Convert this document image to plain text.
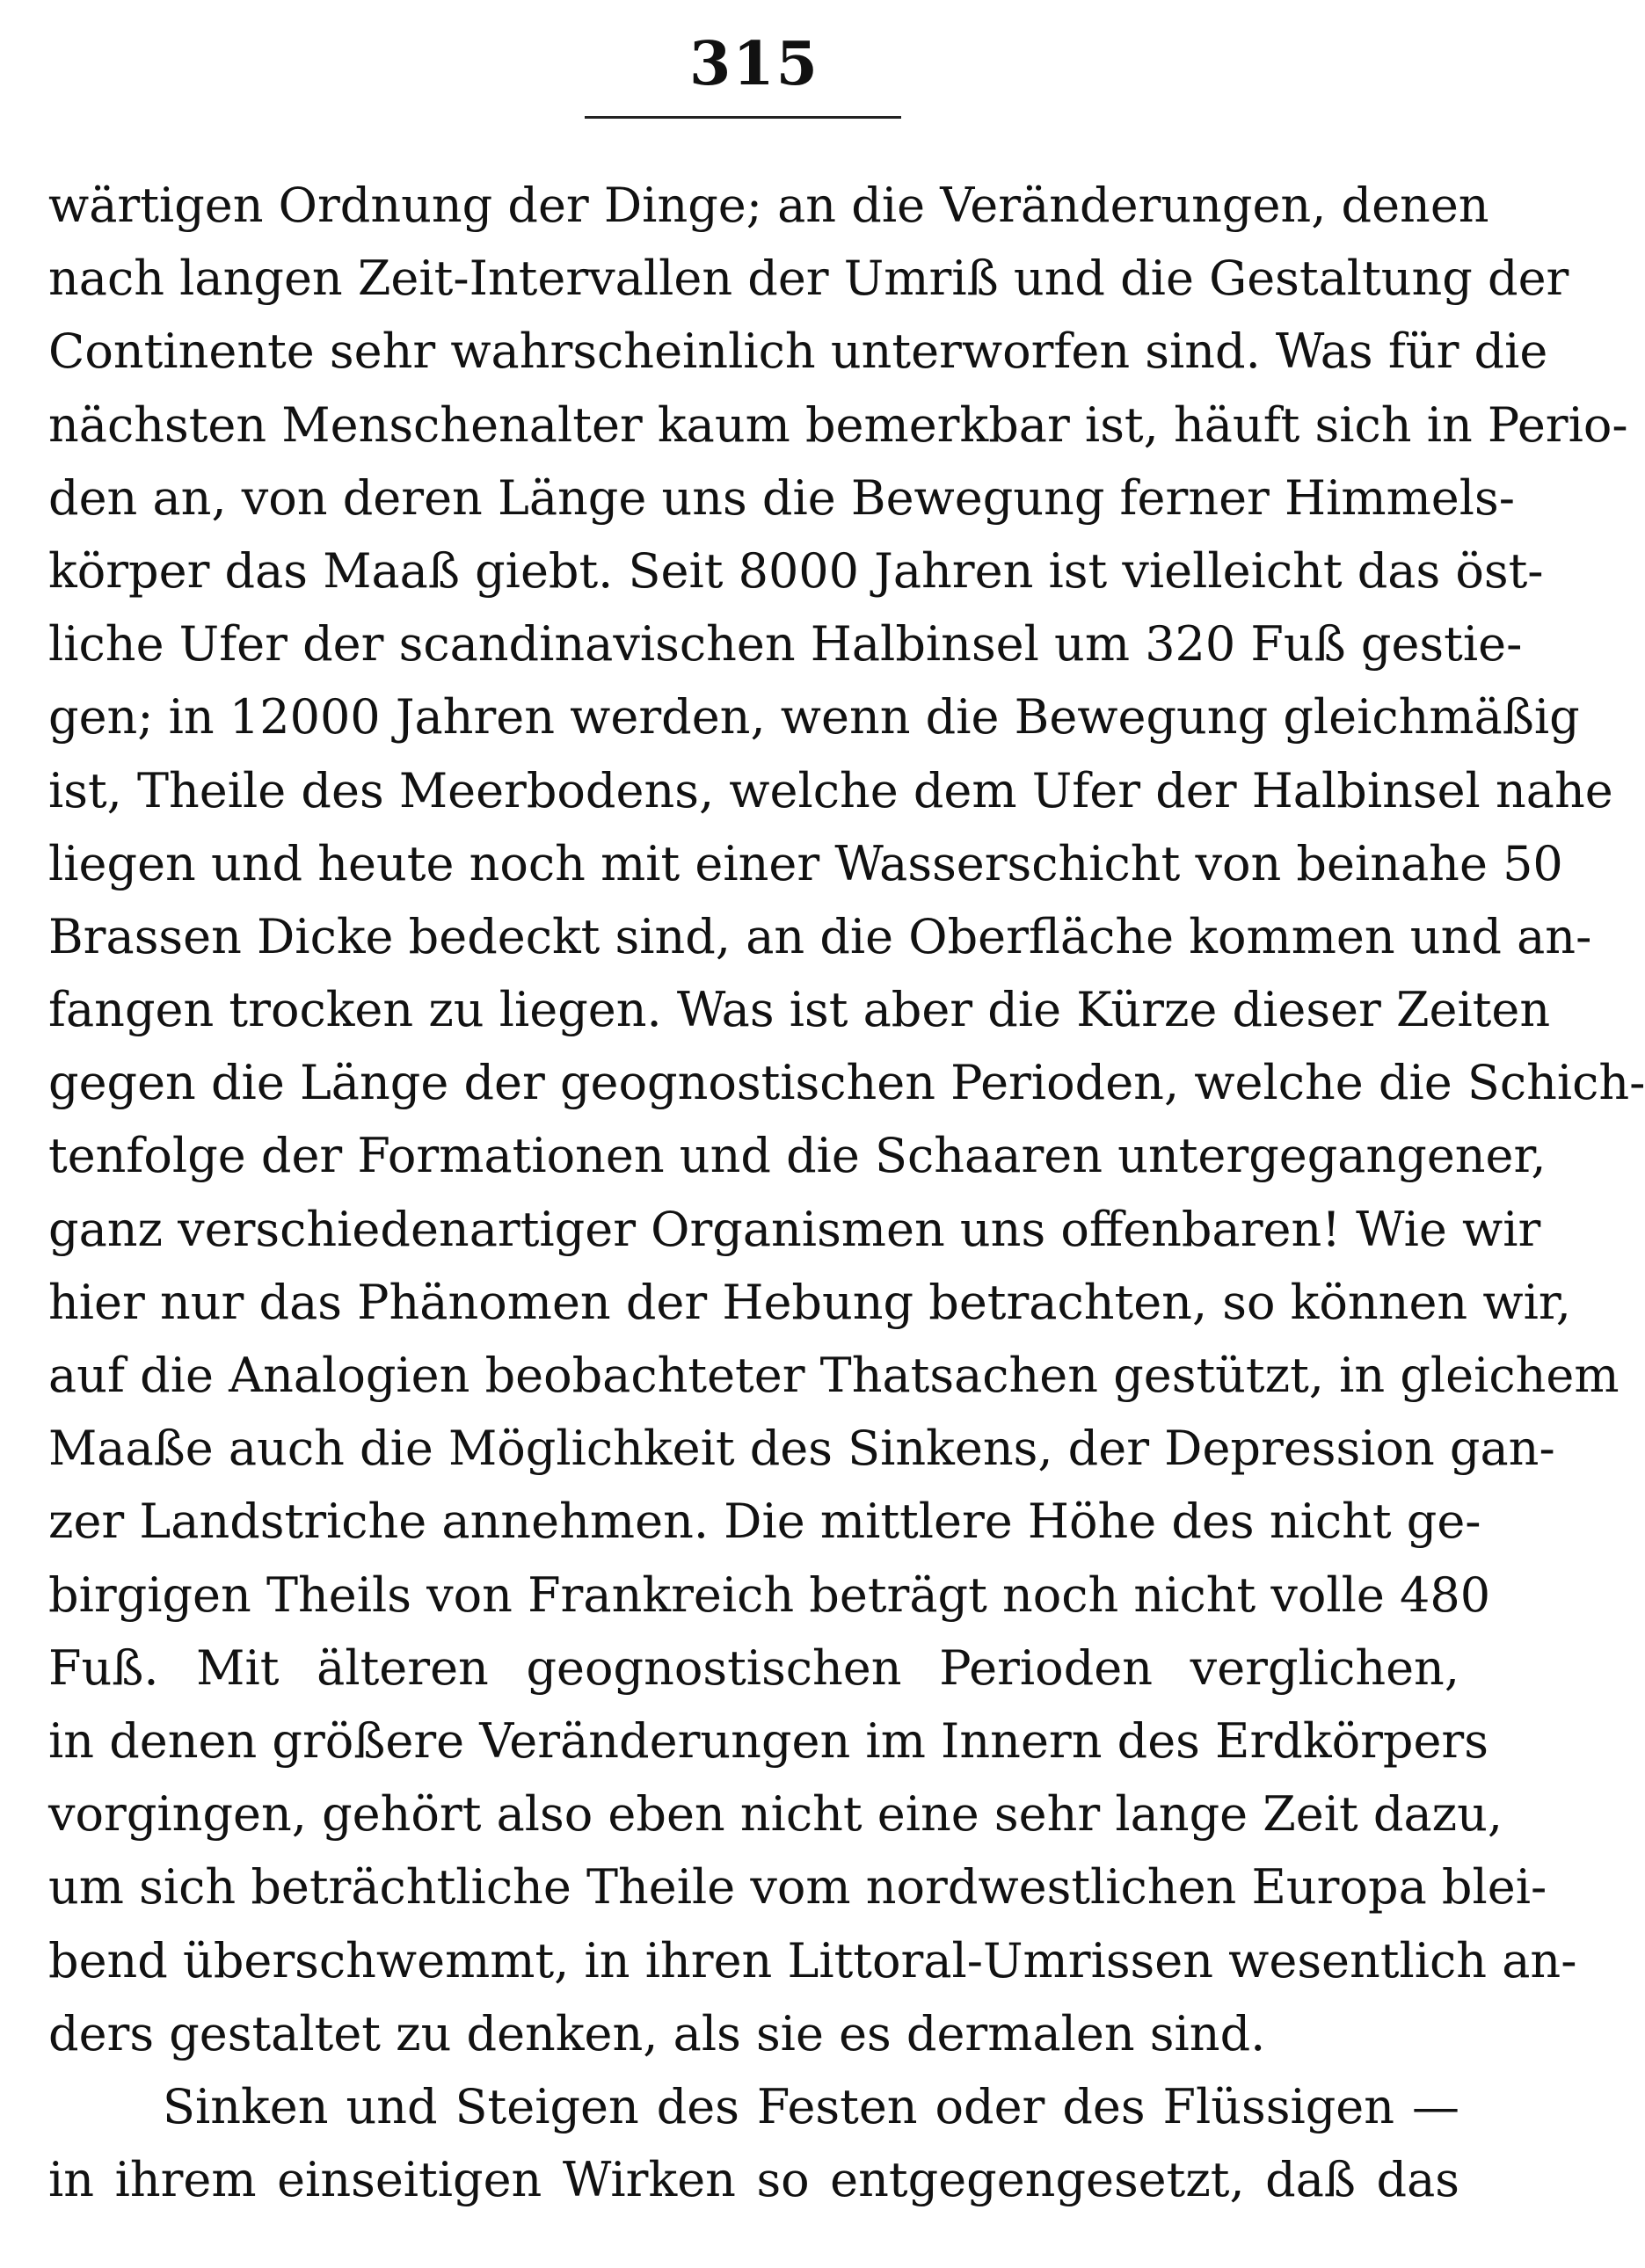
315
wärtigen Ordnung der Dinge; an die Veränderungen, denen
nach langen Zeit-Intervallen der Umriß und die Gestaltung der
Continente sehr wahrscheinlich unterworfen sind. Was für die
nächsten Menschenalter kaum bemerkbar ist, häuft sich in Perio-
den an, von deren Länge uns die Bewegung ferner Himmels-
körper das Maaß giebt. Seit 8000 Jahren ist vielleicht das öst-
liche Ufer der scandinavischen Halbinsel um 320 Fuß gestie-
gen; in 12000 Jahren werden, wenn die Bewegung gleichmäßig
ist, Theile des Meerbodens, welche dem Ufer der Halbinsel nahe
liegen und heute noch mit einer Wasserschicht von beinahe 50
Brassen Dicke bedeckt sind, an die Oberfläche kommen und an-
fangen trocken zu liegen. Was ist aber die Kürze dieser Zeiten
gegen die Länge der geognostischen Perioden, welche die Schich-
tenfolge der Formationen und die Schaaren untergegangener,
ganz verschiedenartiger Organismen uns offenbaren! Wie wir
hier nur das Phänomen der Hebung betrachten, so können wir,
auf die Analogien beobachteter Thatsachen gestützt, in gleichem
Maaße auch die Möglichkeit des Sinkens, der Depression gan-
zer Landstriche annehmen. Die mittlere Höhe des nicht ge-
birgigen Theils von Frankreich beträgt noch nicht volle 480
Fuß. Mit älteren geognostischen Perioden verglichen,
in denen größere Veränderungen im Innern des Erdkörpers
vorgingen, gehört also eben nicht eine sehr lange Zeit dazu,
um sich beträchtliche Theile vom nordwestlichen Europa blei-
bend überschwemmt, in ihren Littoral-Umrissen wesentlich an-
ders gestaltet zu denken, als sie es dermalen sind.
Sinken und Steigen des Festen oder des Flüssigen —
in ihrem einseitigen Wirken so entgegengesetzt, daß das
